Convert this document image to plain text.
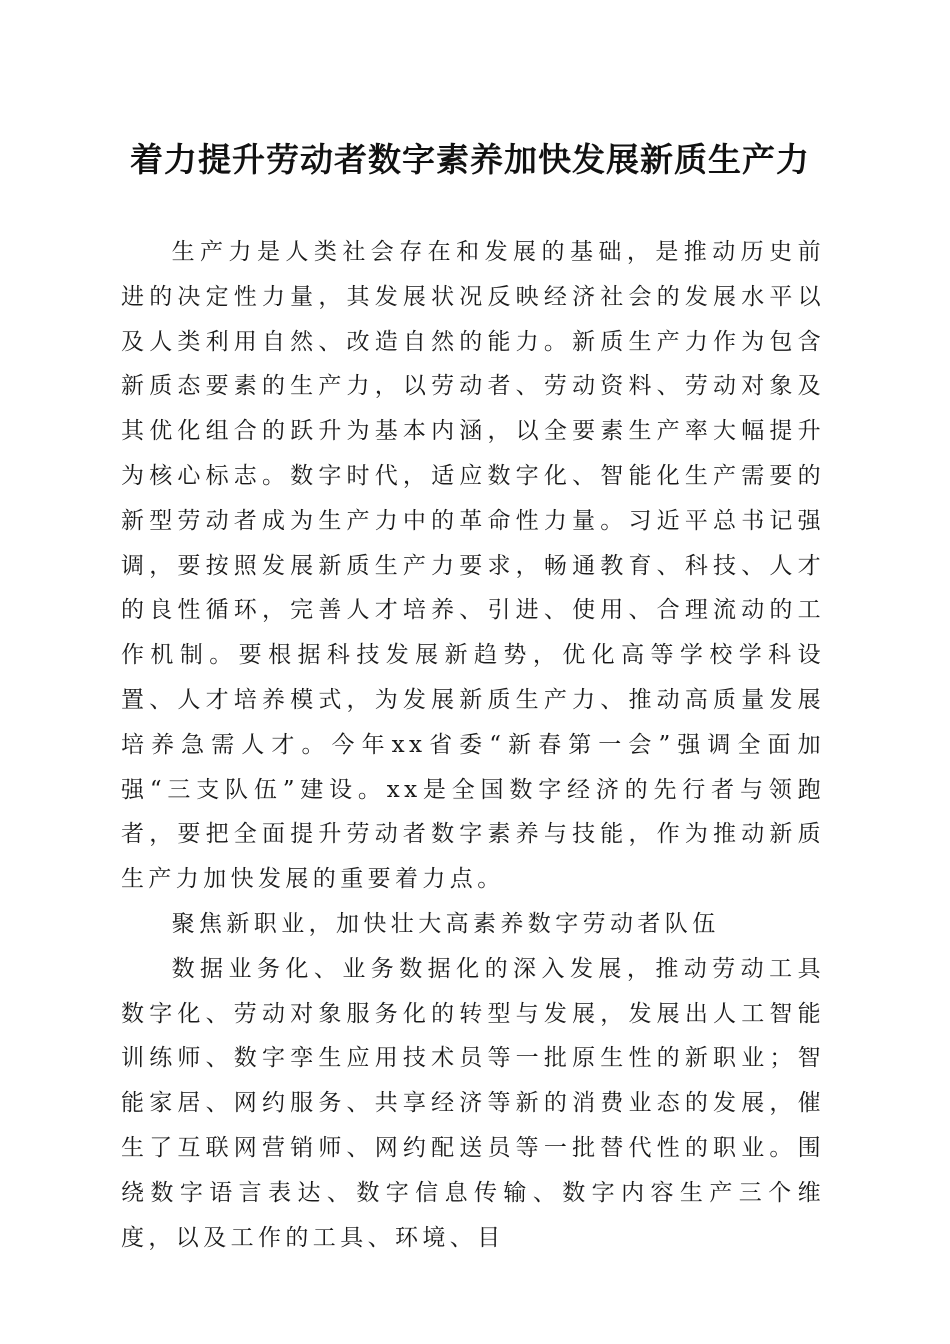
着力提升劳动者数字素养加快发展新质生产力

生产力是人类社会存在和发展的基础，是推动历史前进的决定性力量，其发展状况反映经济社会的发展水平以及人类利用自然、改造自然的能力。新质生产力作为包含新质态要素的生产力，以劳动者、劳动资料、劳动对象及其优化组合的跃升为基本内涵，以全要素生产率大幅提升为核心标志。数字时代，适应数字化、智能化生产需要的新型劳动者成为生产力中的革命性力量。习近平总书记强调，要按照发展新质生产力要求，畅通教育、科技、人才的良性循环，完善人才培养、引进、使用、合理流动的工作机制。要根据科技发展新趋势，优化高等学校学科设置、人才培养模式，为发展新质生产力、推动高质量发展培养急需人才。今年xx省委“新春第一会”强调全面加强“三支队伍”建设。xx是全国数字经济的先行者与领跑者，要把全面提升劳动者数字素养与技能，作为推动新质生产力加快发展的重要着力点。

聚焦新职业，加快壮大高素养数字劳动者队伍

数据业务化、业务数据化的深入发展，推动劳动工具数字化、劳动对象服务化的转型与发展，发展出人工智能训练师、数字孪生应用技术员等一批原生性的新职业；智能家居、网约服务、共享经济等新的消费业态的发展，催生了互联网营销师、网约配送员等一批替代性的职业。围绕数字语言表达、数字信息传输、数字内容生产三个维度，以及工作的工具、环境、目
